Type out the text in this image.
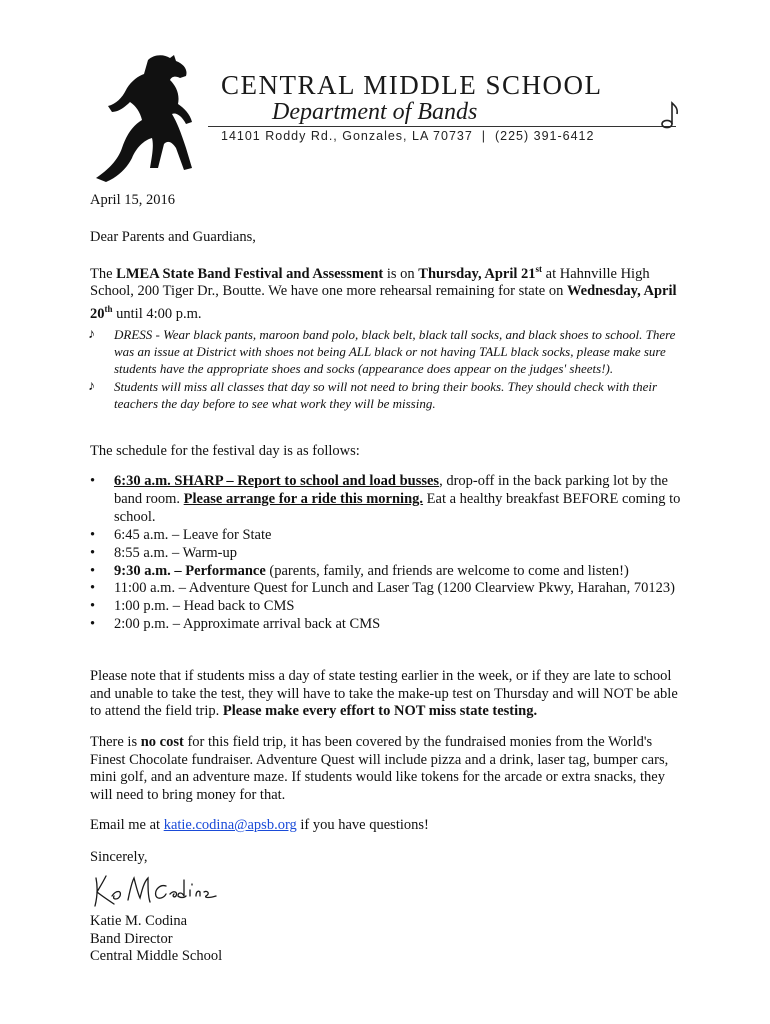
CENTRAL MIDDLE SCHOOL
Department of Bands
14101 Roddy Rd., Gonzales, LA 70737  |  (225) 391-6412

April 15, 2016

Dear Parents and Guardians,

The LMEA State Band Festival and Assessment is on Thursday, April 21st at Hahnville High School, 200 Tiger Dr., Boutte. We have one more rehearsal remaining for state on Wednesday, April 20th until 4:00 p.m.

♪ DRESS - Wear black pants, maroon band polo, black belt, black tall socks, and black shoes to school. There was an issue at District with shoes not being ALL black or not having TALL black socks, please make sure students have the appropriate shoes and socks (appearance does appear on the judges' sheets!).
♪ Students will miss all classes that day so will not need to bring their books. They should check with their teachers the day before to see what work they will be missing.

The schedule for the festival day is as follows:

• 6:30 a.m. SHARP – Report to school and load busses, drop-off in the back parking lot by the band room. Please arrange for a ride this morning. Eat a healthy breakfast BEFORE coming to school.
• 6:45 a.m. – Leave for State
• 8:55 a.m. – Warm-up
• 9:30 a.m. – Performance (parents, family, and friends are welcome to come and listen!)
• 11:00 a.m. – Adventure Quest for Lunch and Laser Tag (1200 Clearview Pkwy, Harahan, 70123)
• 1:00 p.m. – Head back to CMS
• 2:00 p.m. – Approximate arrival back at CMS

Please note that if students miss a day of state testing earlier in the week, or if they are late to school and unable to take the test, they will have to take the make-up test on Thursday and will NOT be able to attend the field trip. Please make every effort to NOT miss state testing.

There is no cost for this field trip, it has been covered by the fundraised monies from the World's Finest Chocolate fundraiser. Adventure Quest will include pizza and a drink, laser tag, bumper cars, mini golf, and an adventure maze. If students would like tokens for the arcade or extra snacks, they will need to bring money for that.

Email me at katie.codina@apsb.org if you have questions!

Sincerely,

Katie M. Codina
Band Director
Central Middle School
